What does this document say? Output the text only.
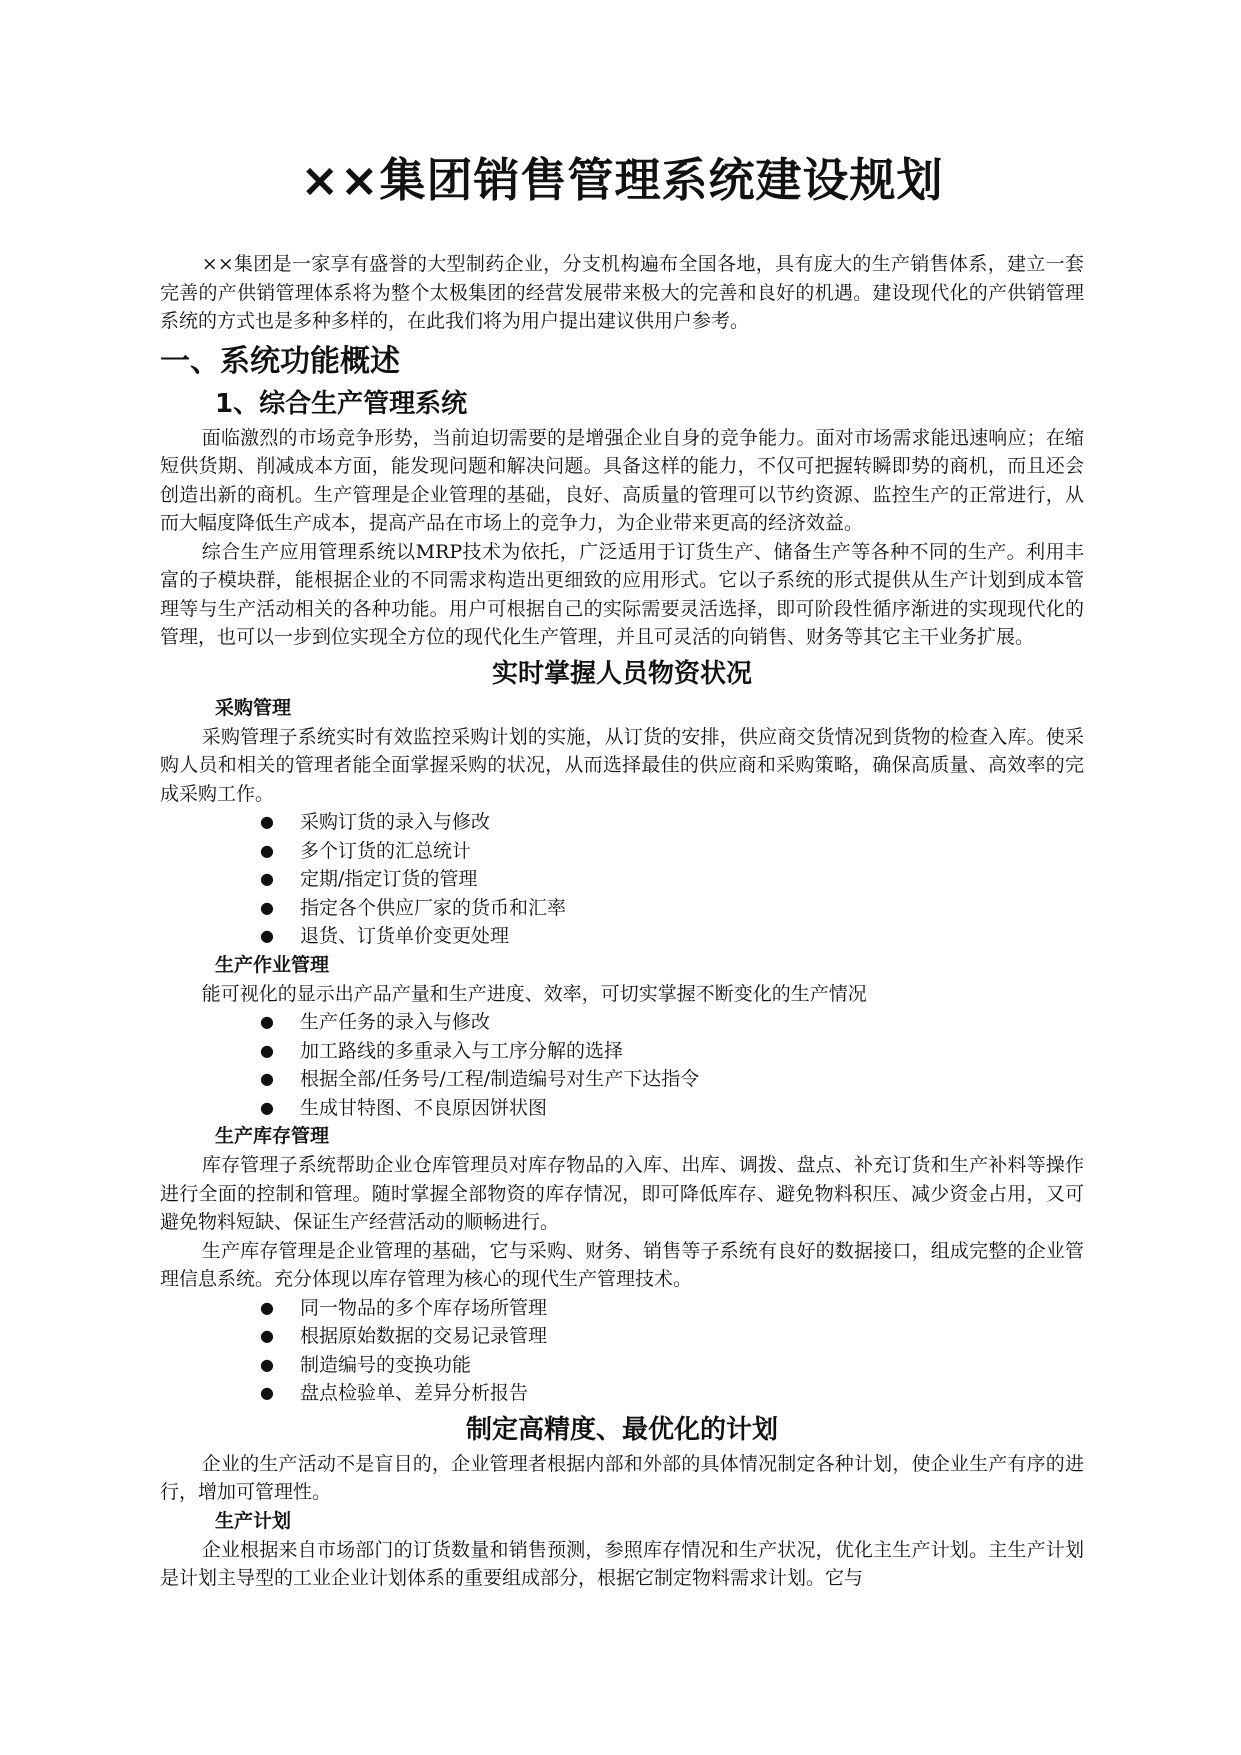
××集团销售管理系统建设规划

××集团是一家享有盛誉的大型制药企业，分支机构遍布全国各地，具有庞大的生产销售体系，建立一套完善的产供销管理体系将为整个太极集团的经营发展带来极大的完善和良好的机遇。建设现代化的产供销管理系统的方式也是多种多样的，在此我们将为用户提出建议供用户参考。

一、系统功能概述
1、综合生产管理系统

面临激烈的市场竞争形势，当前迫切需要的是增强企业自身的竞争能力。面对市场需求能迅速响应；在缩短供货期、削减成本方面，能发现问题和解决问题。具备这样的能力，不仅可把握转瞬即势的商机，而且还会创造出新的商机。生产管理是企业管理的基础，良好、高质量的管理可以节约资源、监控生产的正常进行，从而大幅度降低生产成本，提高产品在市场上的竞争力，为企业带来更高的经济效益。

综合生产应用管理系统以MRP技术为依托，广泛适用于订货生产、储备生产等各种不同的生产。利用丰富的子模块群，能根据企业的不同需求构造出更细致的应用形式。它以子系统的形式提供从生产计划到成本管理等与生产活动相关的各种功能。用户可根据自己的实际需要灵活选择，即可阶段性循序渐进的实现现代化的管理，也可以一步到位实现全方位的现代化生产管理，并且可灵活的向销售、财务等其它主干业务扩展。

实时掌握人员物资状况
采购管理

采购管理子系统实时有效监控采购计划的实施，从订货的安排，供应商交货情况到货物的检查入库。使采购人员和相关的管理者能全面掌握采购的状况，从而选择最佳的供应商和采购策略，确保高质量、高效率的完成采购工作。

●	采购订货的录入与修改
●	多个订货的汇总统计
●	定期/指定订货的管理
●	指定各个供应厂家的货币和汇率
●	退货、订货单价变更处理
生产作业管理

能可视化的显示出产品产量和生产进度、效率，可切实掌握不断变化的生产情况

●	生产任务的录入与修改
●	加工路线的多重录入与工序分解的选择
●	根据全部/任务号/工程/制造编号对生产下达指令
●	生成甘特图、不良原因饼状图
生产库存管理

库存管理子系统帮助企业仓库管理员对库存物品的入库、出库、调拨、盘点、补充订货和生产补料等操作进行全面的控制和管理。随时掌握全部物资的库存情况，即可降低库存、避免物料积压、减少资金占用，又可避免物料短缺、保证生产经营活动的顺畅进行。

生产库存管理是企业管理的基础，它与采购、财务、销售等子系统有良好的数据接口，组成完整的企业管理信息系统。充分体现以库存管理为核心的现代生产管理技术。

●	同一物品的多个库存场所管理
●	根据原始数据的交易记录管理
●	制造编号的变换功能
●	盘点检验单、差异分析报告
制定高精度、最优化的计划

企业的生产活动不是盲目的，企业管理者根据内部和外部的具体情况制定各种计划，使企业生产有序的进行，增加可管理性。

生产计划

企业根据来自市场部门的订货数量和销售预测，参照库存情况和生产状况，优化主生产计划。主生产计划是计划主导型的工业企业计划体系的重要组成部分，根据它制定物料需求计划。它与
